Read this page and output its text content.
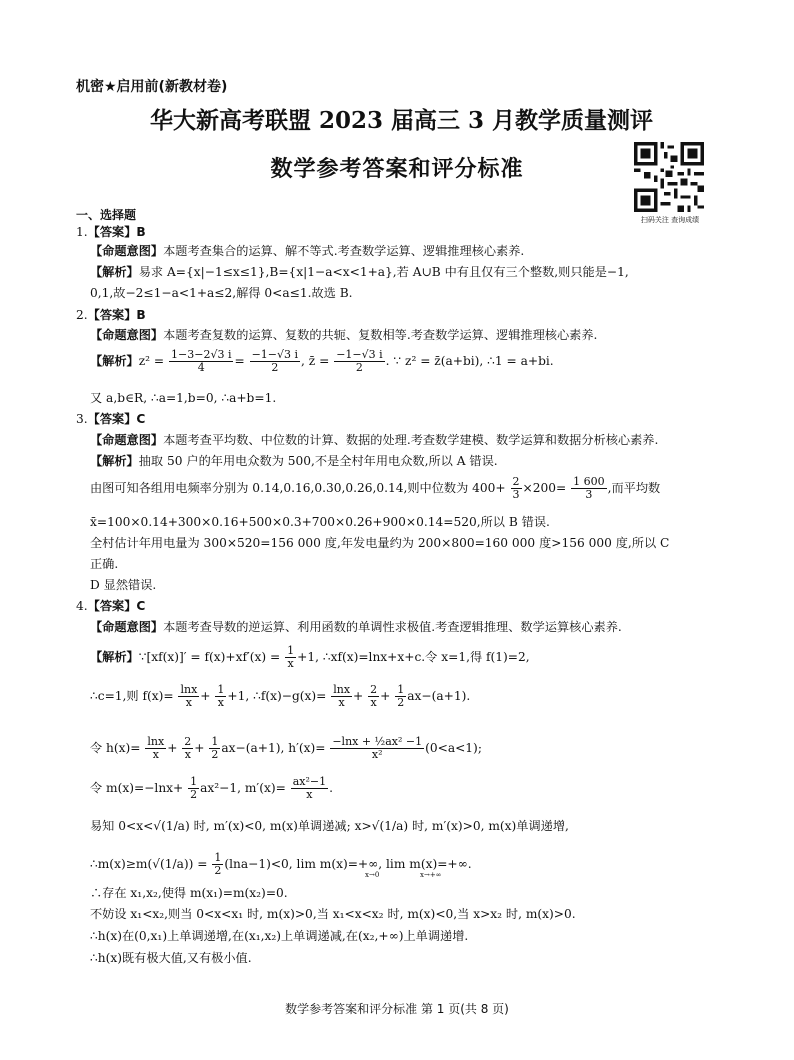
机密★启用前(新教材卷)
华大新高考联盟 2023 届高三 3 月教学质量测评
数学参考答案和评分标准
扫码关注 查询成绩
一、选择题
1.【答案】B
【命题意图】本题考查集合的运算、解不等式.考查数学运算、逻辑推理核心素养.
【解析】易求 A={x|−1≤x≤1},B={x|1−a<x<1+a},若 A∪B 中有且仅有三个整数,则只能是−1,
0,1,故−2≤1−a<1+a≤2,解得 0<a≤1.故选 B.
2.【答案】B
【命题意图】本题考查复数的运算、复数的共轭、复数相等.考查数学运算、逻辑推理核心素养.
【解析】$z^2 = \frac{1-3-2√3 i}{4} = \frac{-1-√3 i}{2}$ , z̄ = $\frac{-1-√3 i}{2}$ . ∵ z² = z̄(a+bi), ∴1 = a+bi.
又 a,b∈R, ∴a=1,b=0, ∴a+b=1.
3.【答案】C
【命题意图】本题考查平均数、中位数的计算、数据的处理.考查数学建模、数学运算和数据分析核心素养.
【解析】抽取 50 户的年用电众数为 500,不是全村年用电众数,所以 A 错误.
由图可知各组用电频率分别为 0.14,0.16,0.30,0.26,0.14,则中位数为 $400+ \frac{2}{3} \times 200= \frac{1 600}{3}$ ,而平均数
x̄=100×0.14+300×0.16+500×0.3+700×0.26+900×0.14=520,所以 B 错误.
全村估计年用电量为 300×520=156 000 度,年发电量约为 200×800=160 000 度>156 000 度,所以 C
正确.
D 显然错误.
4.【答案】C
【命题意图】本题考查导数的逆运算、利用函数的单调性求极值.考查逻辑推理、数学运算核心素养.
【解析】∵[xf(x)]′ = $f(x)+xf'(x) = \frac{1}{x} +1$, ∴xf(x)=lnx+x+c.令 x=1,得 f(1)=2,
∴c=1,则 $f(x)= \frac{\ln x}{x} + \frac{1}{x} +1$, ∴f(x)−g(x)= $\frac{\ln x}{x} + \frac{2}{x} + \frac{1}{2} ax-(a+1)$.
令 $h(x)= \frac{\ln x}{x} + \frac{2}{x} + \frac{1}{2} ax-(a+1)$, $h'(x)= \frac{\text{−lnx + ½ax² −1}}{\text{x²}} (0<a<1)$;
令 $m(x)=-\ln x+ \frac{1}{2} ax^2-1$, $m'(x)= \frac{\text{ax²−1}}{x}$ .
易知 0<x<√(1/a) 时, m′(x)<0, m(x)单调递减; x>√(1/a) 时, m′(x)>0, m(x)单调递增,
∴m(x)≥m(√(1/a)) = $\frac{1}{2} (\ln a-1)<0$, lim m(x)=+∞, lim m(x)=+∞.
x→0	x→+∞
∴存在 x₁,x₂,使得 m(x₁)=m(x₂)=0.
不妨设 x₁<x₂,则当 0<x<x₁ 时, m(x)>0,当 x₁<x<x₂ 时, m(x)<0,当 x>x₂ 时, m(x)>0.
∴h(x)在(0,x₁)上单调递增,在(x₁,x₂)上单调递减,在(x₂,+∞)上单调递增.
∴h(x)既有极大值,又有极小值.
数学参考答案和评分标准 第 1 页(共 8 页)
